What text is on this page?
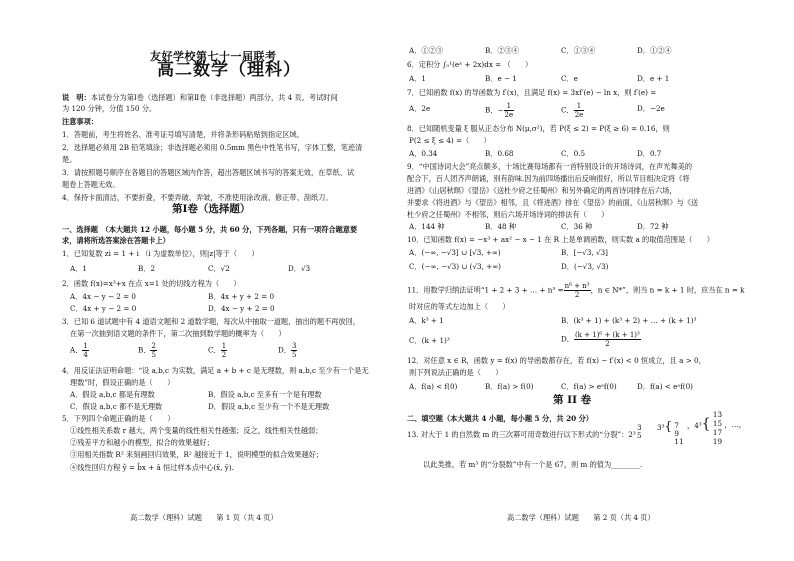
友好学校第七十一届联考
高二数学（理科）
说　明：本试卷分为第Ⅰ卷（选择题）和第Ⅱ卷（非选择题）两部分，共 4 页。考试时间
为 120 分钟，分值 150 分。
注意事项：
1．答题前，考生将姓名、准考证号填写清楚，并将条形码粘贴到指定区域。
2．选择题必须用 2B 铅笔填涂；非选择题必须用 0.5mm 黑色中性笔书写，字体工整，笔迹清
楚。
3．请按照题号顺序在各题目的答题区域内作答，超出答题区域书写的答案无效，在草纸、试
题卷上答题无效。
4．保持卡面清洁，不要折叠，不要弄破、弄皱，不准使用涂改液、修正带、刮纸刀。
第Ⅰ卷（选择题）
一、选择题　（本大题共 12 小题，每小题 5 分，共 60 分，下列各题，只有一项符合题意要
求，请将所选答案涂在答题卡上）
1．已知复数 zi = 1 + i （i 为虚数单位），则|z|等于（　　）
A．1	B．2	C．√2	D．√3
2．函数 f(x)=x³+x 在点 x=1 处的切线方程为（　　）
A．4x − y − 2 = 0	B．4x + y + 2 = 0
C．4x + y − 2 = 0	D．4x − y + 2 = 0
3．已知 6 道试题中有 4 道语文题和 2 道数学题，每次从中抽取一道题，抽出的题不再放回，
在第一次抽到语文题的条件下，第二次抽到数学题的概率为（　　）
A． $\frac{1}{4}$	B． $\frac{2}{5}$	C． $\frac{1}{2}$	D． $\frac{3}{5}$
4．用反证法证明命题：“设 a,b,c 为实数，满足 a + b + c 是无理数，则 a,b,c 至少有一个是无
理数”时，假设正确的是（　　）
A．假设 a,b,c 都是有理数	B．假设 a,b,c 至多有一个是有理数
C．假设 a,b,c 都不是无理数	D．假设 a,b,c 至少有一个不是无理数
5．下列四个命题正确的是（　　）
①线性相关系数 r 越大，两个变量的线性相关性越强；反之，线性相关性越弱；
②残差平方和越小的模型，拟合的效果越好；
③用相关指数 R² 来刻画回归效果，R² 越接近于 1，说明模型的拟合效果越好；
④线性回归方程 ŷ = b̂x + â 恒过样本点中心(x̄, ȳ).
高二数学（理科）试题　　第 1 页（共 4 页）
A．①②③	B．②③④	C．①③④	D．①②④
6．定积分 ∫₀¹(eˣ + 2x)dx = （　　）
A．1	B．e − 1	C．e	D．e + 1
7．已知函数 f(x) 的导函数为 f′(x)，且满足 f(x) = 3xf′(e) − ln x，则 f′(e) =
A．2e	B．− $\frac{1}{2e}$	C． $\frac{1}{2e}$	D．−2e
8．已知随机变量 ξ 服从正态分布 N(μ,σ²)，若 P(ξ ≤ 2) = P(ξ ≥ 6) = 0.16，则
P(2 ≤ ξ ≤ 4) =（　　）
A．0.34	B．0.68	C．0.5	D．0.7
9．“中国诗词大会”亮点颇多，十场比赛每场都有一首特别设计的开场诗词，在声光舞美的
配合下，百人团齐声朗诵，别有韵味.因为前四场播出后反响很好，所以节目组决定将《将
进酒》《山居秋暝》《望岳》《送杜少府之任蜀州》和另外确定的两首诗词排在后六场，
并要求《将进酒》与《望岳》相邻，且《将进酒》排在《望岳》的前面，《山居秋暝》与《送
杜少府之任蜀州》不相邻，则后六场开场诗词的排法有（　　）
A．144 种	B．48 种	C．36 种	D．72 种
10．已知函数 f(x) = −x³ + ax² − x − 1 在 R 上是单调函数，则实数 a 的取值范围是（　　）
A．(−∞, −√3] ∪ [√3, +∞)	B．[−√3, √3]
C．(−∞, −√3) ∪ (√3, +∞)	D．(−√3, √3)
11．用数学归纳法证明“1 + 2 + 3 + … + $n^3 = \frac{\text{n⁶ + n³}}{2}$ ，n ∈ N*”，则当 n = k + 1 时，应当在 n = k
时对应的等式左边加上（　　）
A．k³ + 1	B．(k³ + 1) + (k³ + 2) + … + (k + 1)³
C．(k + 1)³	D． $\frac{\text{(k + 1)⁶ + (k + 1)³}}{2}$
12．对任意 x ∈ R，函数 y = f(x) 的导函数都存在，若 f(x) − f′(x) < 0 恒成立，且 a > 0，
则下列说法正确的是（　　）
A．f(a) < f(0)	B．f(a) > f(0)	C．f(a) > eᵃf(0)	D．f(a) < eᵃf(0)
第 II 卷
二、填空题（本大题共 4 小题，每小题 5 分，共 20 分）
13. 对大于 1 的自然数 m 的三次幂可用奇数进行以下形式的“分裂”：2³
3³{ 7
9
11
3
5
，4³{
13
15
17
19
，…，
以此类推，若 m³ 的“分裂数”中有一个是 67，则 m 的值为________.
高二数学（理科）试题　　第 2 页（共 4 页）
